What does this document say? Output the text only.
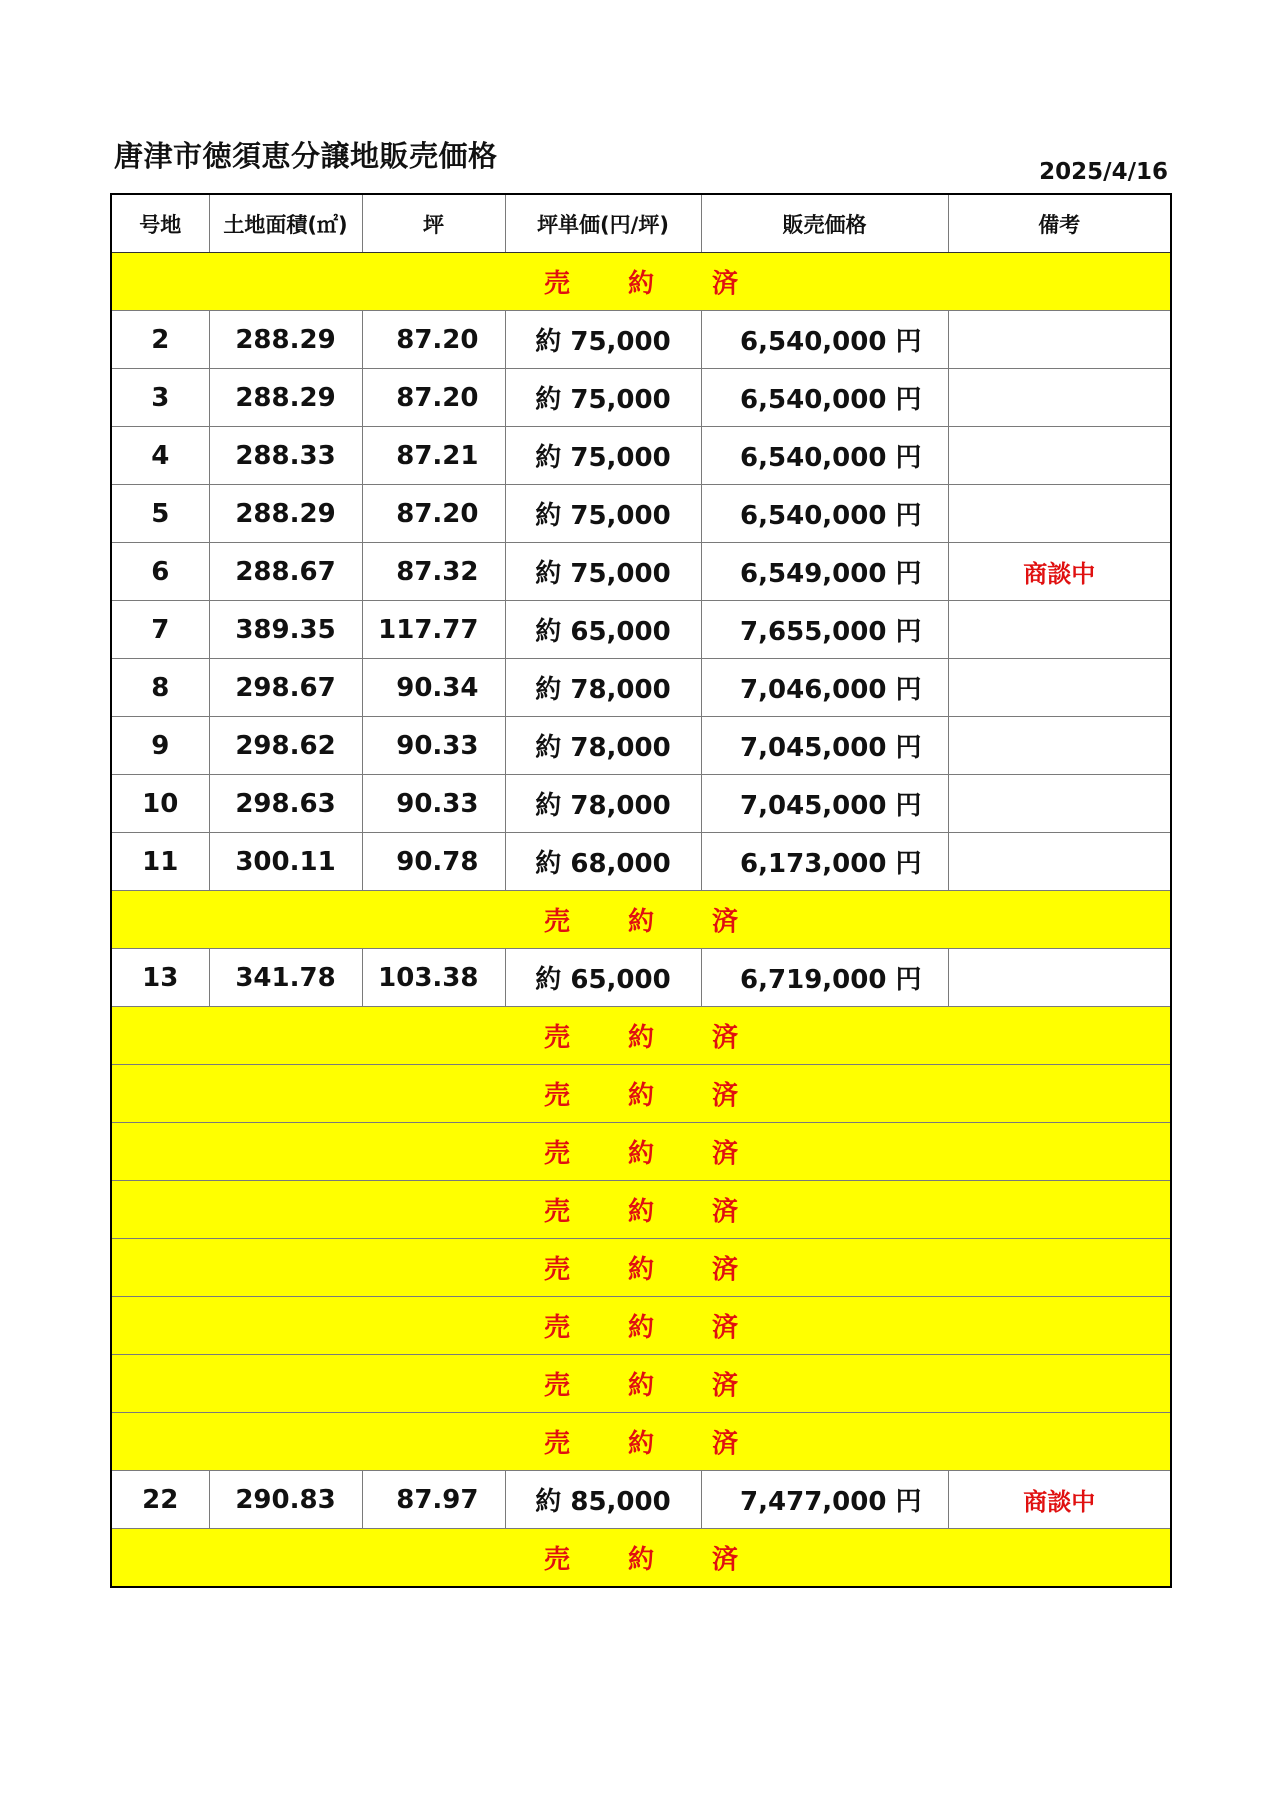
唐津市徳須恵分譲地販売価格	2025/4/16
号地	土地面積(㎡)	坪	坪単価(円/坪)	販売価格	備考
売 約 済					
2	288.29	87.20	約 75,000	6,540,000 円	
3	288.29	87.20	約 75,000	6,540,000 円	
4	288.33	87.21	約 75,000	6,540,000 円	
5	288.29	87.20	約 75,000	6,540,000 円	
6	288.67	87.32	約 75,000	6,549,000 円	商談中
7	389.35	117.77	約 65,000	7,655,000 円	
8	298.67	90.34	約 78,000	7,046,000 円	
9	298.62	90.33	約 78,000	7,045,000 円	
10	298.63	90.33	約 78,000	7,045,000 円	
11	300.11	90.78	約 68,000	6,173,000 円	
売 約 済					
13	341.78	103.38	約 65,000	6,719,000 円	
売 約 済					
売 約 済					
売 約 済					
売 約 済					
売 約 済					
売 約 済					
売 約 済					
売 約 済					
22	290.83	87.97	約 85,000	7,477,000 円	商談中
売 約 済					
